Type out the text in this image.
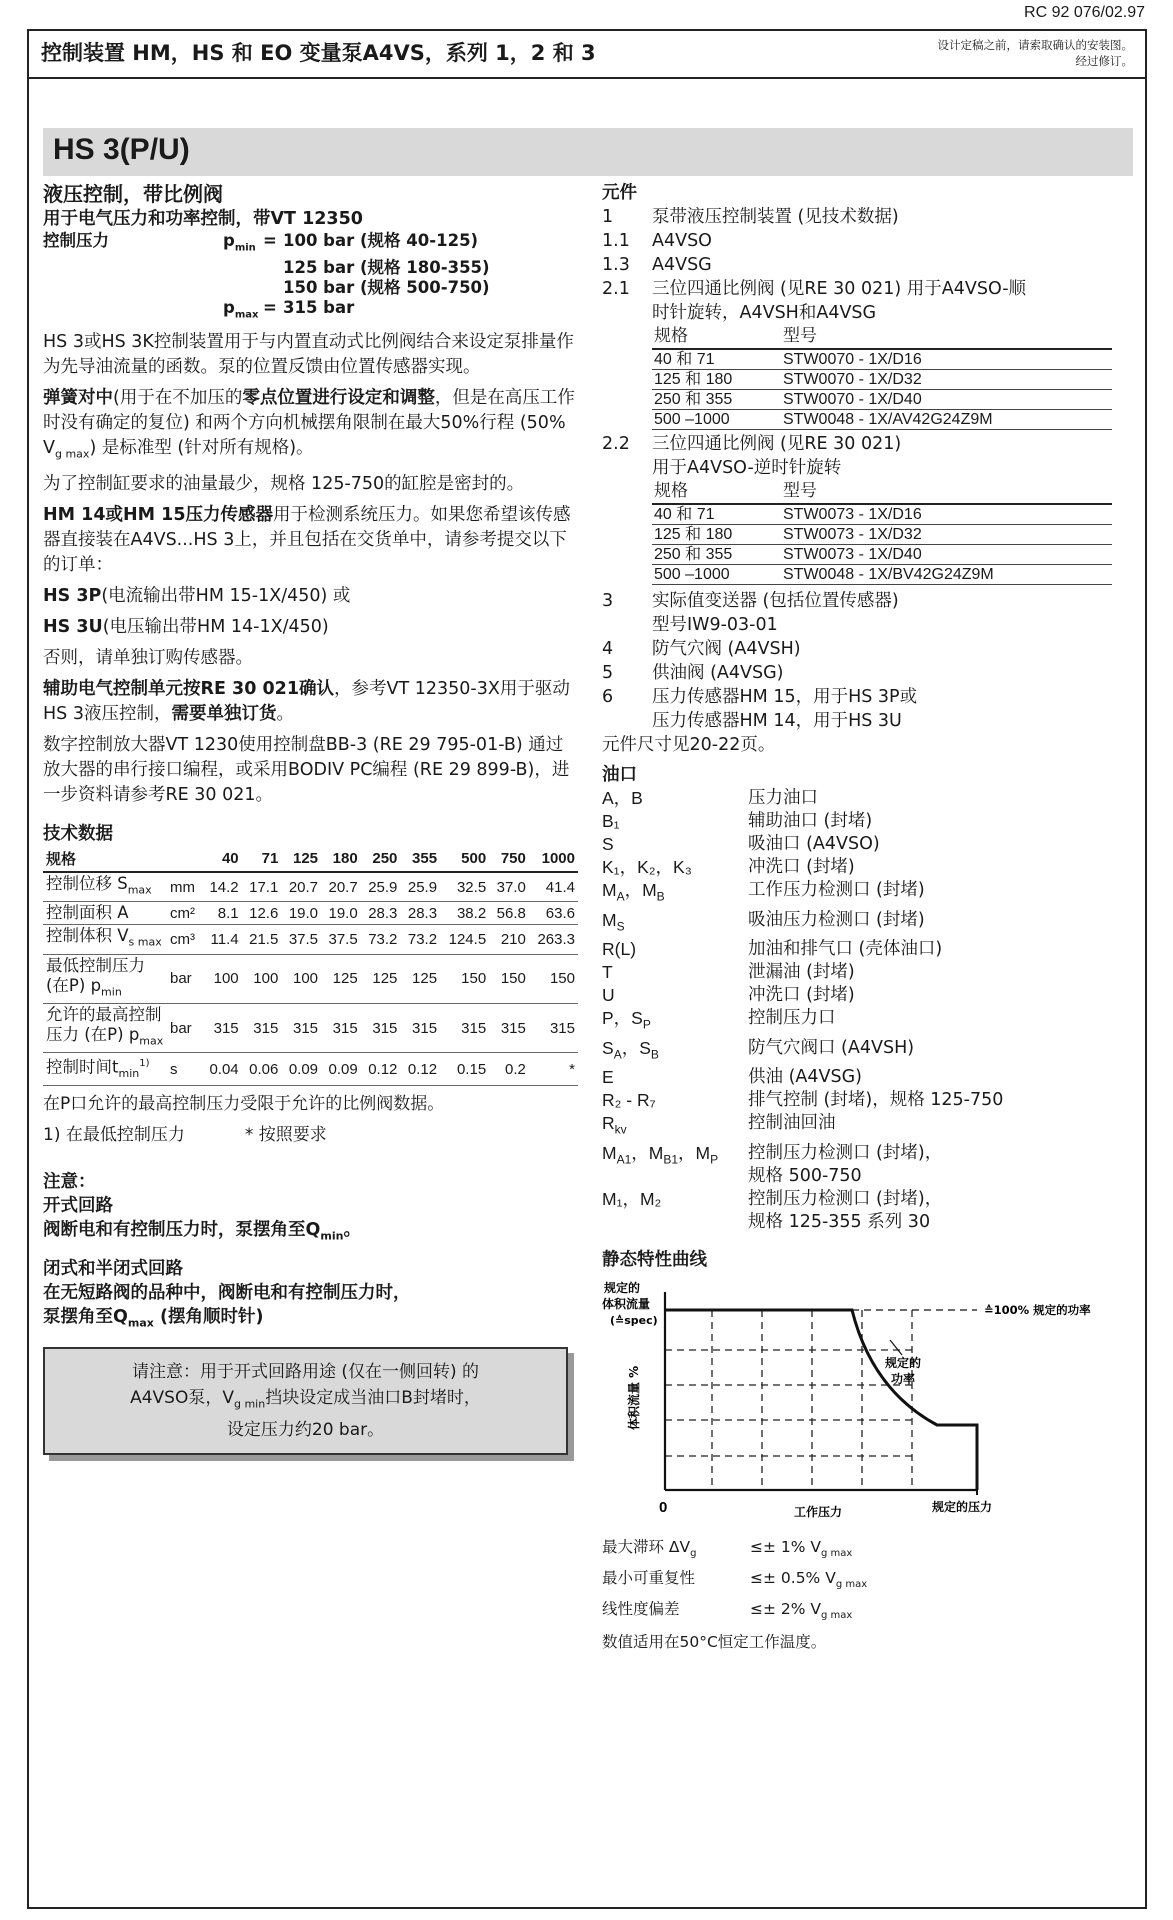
RC 92 076/02.97
控制装置 HM，HS 和 EO 变量泵A4VS，系列 1，2 和 3	设计定稿之前，请索取确认的安装图。
经过修订。
HS 3(P/U)
液压控制，带比例阀
用于电气压力和功率控制，带VT 12350
控制压力	$p_{min} = 100$ bar (规格 40-125)
125 bar (规格 180-355)
150 bar (规格 500-750)
$p_{max} = 315$ bar

HS 3或HS 3K控制装置用于与内置直动式比例阀结合来设定泵排量作为先导油流量的函数。泵的位置反馈由位置传感器实现。

弹簧对中(用于在不加压的零点位置进行设定和调整，但是在高压工作时没有确定的复位) 和两个方向机械摆角限制在最大50%行程 (50% $V_{g max}$) 是标准型 (针对所有规格)。

为了控制缸要求的油量最少，规格 125-750的缸腔是密封的。

HM 14或HM 15压力传感器用于检测系统压力。如果您希望该传感器直接装在A4VS...HS 3上，并且包括在交货单中，请参考提交以下的订单：

HS 3P(电流输出带HM 15-1X/450) 或

HS 3U(电压输出带HM 14-1X/450)

否则，请单独订购传感器。

辅助电气控制单元按RE 30 021确认，参考VT 12350-3X用于驱动HS 3液压控制，需要单独订货。

数字控制放大器VT 1230使用控制盘BB-3 (RE 29 795-01-B) 通过放大器的串行接口编程，或采用BODIV PC编程 (RE 29 899-B)，进一步资料请参考RE 30 021。

技术数据
规格		40	71	125	180	250	355	500	750	1000
控制位移 $S_{max}$	mm	14.2	17.1	20.7	20.7	25.9	25.9	32.5	37.0	41.4
控制面积 A	cm²	8.1	12.6	19.0	19.0	28.3	28.3	38.2	56.8	63.6
控制体积 $V_{s max}$	cm³	11.4	21.5	37.5	37.5	73.2	73.2	124.5	210	263.3
最低控制压力 (在P) $p_{min}$	bar	100	100	100	125	125	125	150	150	150
允许的最高控制压力 (在P) $p_{max}$	bar	315	315	315	315	315	315	315	315	315
控制时间$t_{min}^{1)}$	s	0.04	0.06	0.09	0.09	0.12	0.12	0.15	0.2	*

在P口允许的最高控制压力受限于允许的比例阀数据。

1) 在最低控制压力	* 按照要求

注意：
开式回路
阀断电和有控制压力时，泵摆角至$Q_{min}$。
闭式和半闭式回路
在无短路阀的品种中，阀断电和有控制压力时，
泵摆角至$Q_{max}$ (摆角顺时针)
请注意：用于开式回路用途 (仅在一侧回转) 的
A4VSO泵，$V_{g min}$挡块设定成当油口B封堵时，
设定压力约20 bar。
元件
1	泵带液压控制装置 (见技术数据)
1.1	A4VSO
1.3	A4VSG
2.1	三位四通比例阀 (见RE 30 021) 用于A4VSO-顺
时针旋转，A4VSH和A4VSG
规格	型号
40 和 71	STW0070 - 1X/D16
125 和 180	STW0070 - 1X/D32
250 和 355	STW0070 - 1X/D40
500 –1000	STW0048 - 1X/AV42G24Z9M
2.2	三位四通比例阀 (见RE 30 021)
用于A4VSO-逆时针旋转
规格	型号
40 和 71	STW0073 - 1X/D16
125 和 180	STW0073 - 1X/D32
250 和 355	STW0073 - 1X/D40
500 –1000	STW0048 - 1X/BV42G24Z9M
3	实际值变送器 (包括位置传感器)
型号IW9-03-01
4	防气穴阀 (A4VSH)
5	供油阀 (A4VSG)
6	压力传感器HM 15，用于HS 3P或
压力传感器HM 14，用于HS 3U
元件尺寸见20-22页。
油口
A，B	压力油口
B₁	辅助油口 (封堵)
S	吸油口 (A4VSO)
K₁，K₂，K₃	冲洗口 (封堵)
$M_A$，$M_B$	工作压力检测口 (封堵)
$M_S$	吸油压力检测口 (封堵)
R(L)	加油和排气口 (壳体油口)
T	泄漏油 (封堵)
U	冲洗口 (封堵)
P，$S_P$	控制压力口
$S_A$，$S_B$	防气穴阀口 (A4VSH)
E	供油 (A4VSG)
R₂ - R₇	排气控制 (封堵)，规格 125-750
$R_{kv}$	控制油回油
$M_{A1}$，$M_{B1}$，$M_P$	控制压力检测口 (封堵)，
规格 500-750
M₁，M₂	控制压力检测口 (封堵)，
规格 125-355 系列 30
静态特性曲线
规定的
体积流量
(≙spec)
体积流量 %
≙100% 规定的功率
规定的
功率
0	工作压力	规定的压力
最大滞环 $\Delta V_g$	≤± 1% $V_{g max}$
最小可重复性	≤± 0.5% $V_{g max}$
线性度偏差	≤± 2% $V_{g max}$
数值适用在50°C恒定工作温度。
